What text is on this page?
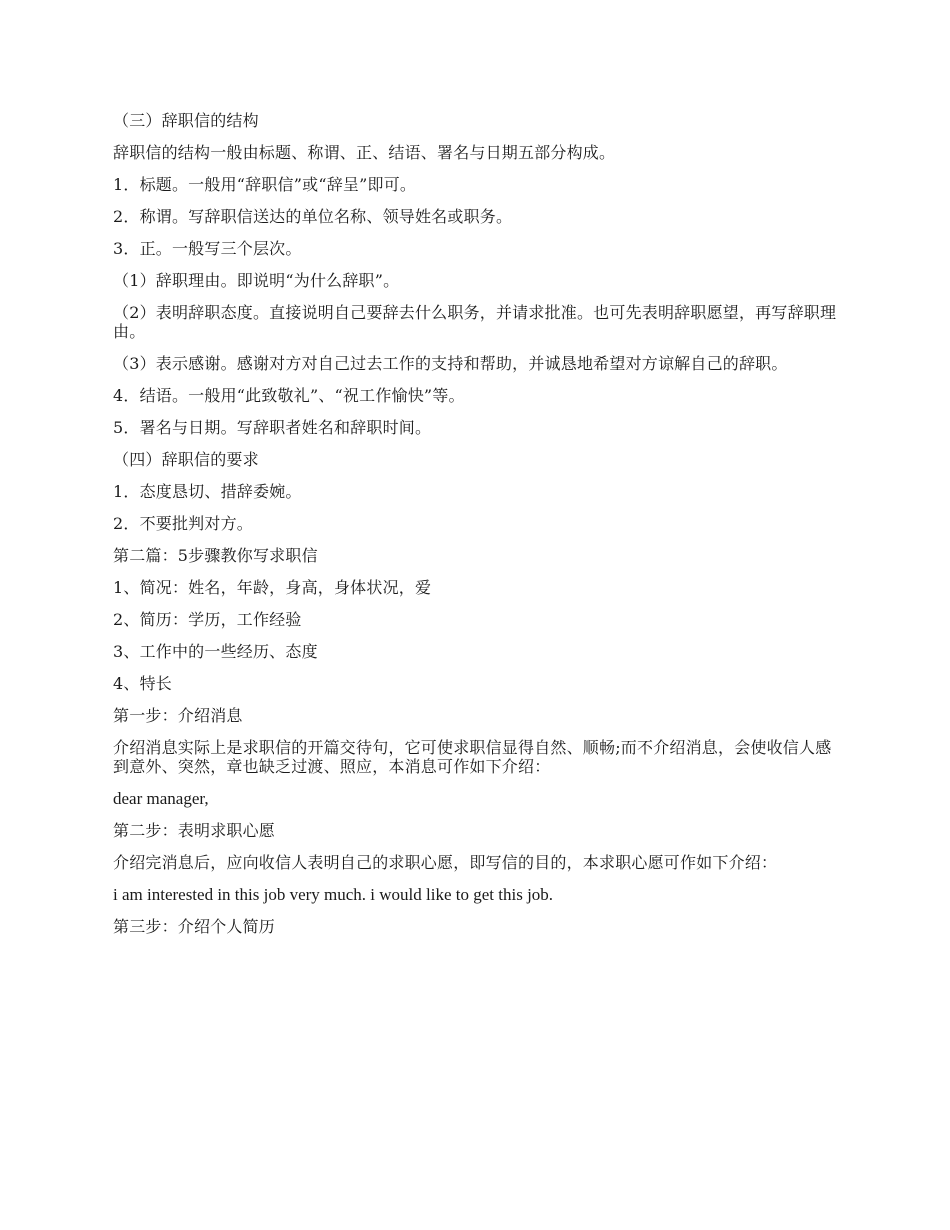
（三）辞职信的结构

辞职信的结构一般由标题、称谓、正、结语、署名与日期五部分构成。

1．标题。一般用“辞职信”或“辞呈”即可。

2．称谓。写辞职信送达的单位名称、领导姓名或职务。

3．正。一般写三个层次。

（1）辞职理由。即说明“为什么辞职”。

（2）表明辞职态度。直接说明自己要辞去什么职务，并请求批准。也可先表明辞职愿望，再写辞职理由。

（3）表示感谢。感谢对方对自己过去工作的支持和帮助，并诚恳地希望对方谅解自己的辞职。

4．结语。一般用“此致敬礼”、“祝工作愉快”等。

5．署名与日期。写辞职者姓名和辞职时间。

（四）辞职信的要求

1．态度恳切、措辞委婉。

2．不要批判对方。

第二篇：5步骤教你写求职信

1、简况：姓名，年龄，身高，身体状况，爱

2、简历：学历，工作经验

3、工作中的一些经历、态度

4、特长

第一步：介绍消息

介绍消息实际上是求职信的开篇交待句，它可使求职信显得自然、顺畅;而不介绍消息，会使收信人感到意外、突然，章也缺乏过渡、照应，本消息可作如下介绍：

dear manager,

第二步：表明求职心愿

介绍完消息后，应向收信人表明自己的求职心愿，即写信的目的，本求职心愿可作如下介绍：

i am interested in this job very much. i would like to get this job.

第三步：介绍个人简历
